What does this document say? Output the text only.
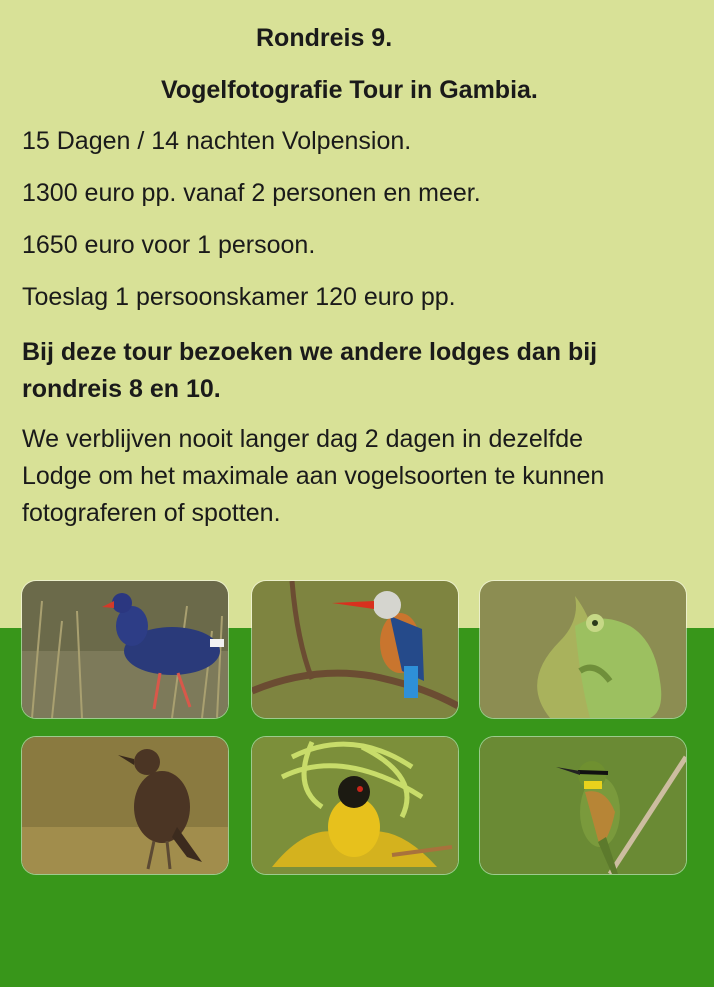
Rondreis 9.
Vogelfotografie Tour in Gambia.
15 Dagen / 14 nachten Volpension.
1300 euro pp. vanaf 2 personen en meer.
1650 euro voor 1 persoon.
Toeslag 1 persoonskamer 120 euro pp.
Bij deze tour bezoeken we andere lodges dan bij
rondreis 8 en 10.
We verblijven nooit langer dag 2 dagen in dezelfde
Lodge om het maximale aan vogelsoorten te kunnen
fotograferen of spotten.
